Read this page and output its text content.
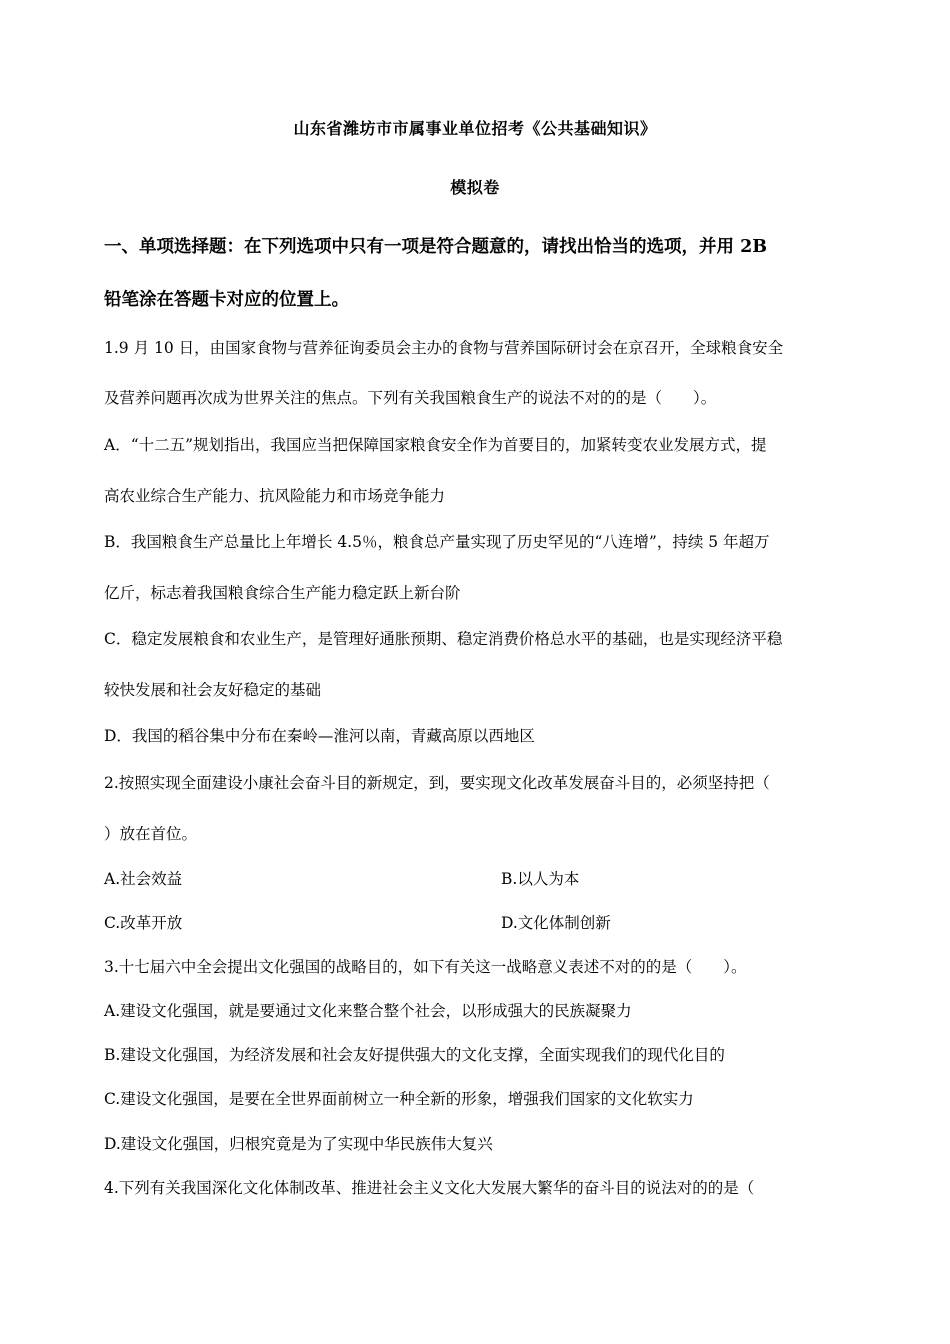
山东省潍坊市市属事业单位招考《公共基础知识》
模拟卷
一、单项选择题：在下列选项中只有一项是符合题意的，请找出恰当的选项，并用 2B
铅笔涂在答题卡对应的位置上。
1.9 月 10 日，由国家食物与营养征询委员会主办的食物与营养国际研讨会在京召开，全球粮食安全
及营养问题再次成为世界关注的焦点。下列有关我国粮食生产的说法不对的的是（　　）。
A．“十二五”规划指出，我国应当把保障国家粮食安全作为首要目的，加紧转变农业发展方式，提
高农业综合生产能力、抗风险能力和市场竞争能力
B．我国粮食生产总量比上年增长 4.5％，粮食总产量实现了历史罕见的“八连增”，持续 5 年超万
亿斤，标志着我国粮食综合生产能力稳定跃上新台阶
C．稳定发展粮食和农业生产，是管理好通胀预期、稳定消费价格总水平的基础，也是实现经济平稳
较快发展和社会友好稳定的基础
D．我国的稻谷集中分布在秦岭—淮河以南，青藏高原以西地区
2.按照实现全面建设小康社会奋斗目的新规定，到，要实现文化改革发展奋斗目的，必须坚持把（
）放在首位。
A.社会效益	B.以人为本
C.改革开放	D.文化体制创新
3.十七届六中全会提出文化强国的战略目的，如下有关这一战略意义表述不对的的是（　　）。
A.建设文化强国，就是要通过文化来整合整个社会，以形成强大的民族凝聚力
B.建设文化强国，为经济发展和社会友好提供强大的文化支撑，全面实现我们的现代化目的
C.建设文化强国，是要在全世界面前树立一种全新的形象，增强我们国家的文化软实力
D.建设文化强国，归根究竟是为了实现中华民族伟大复兴
4.下列有关我国深化文化体制改革、推进社会主义文化大发展大繁华的奋斗目的说法对的的是（
